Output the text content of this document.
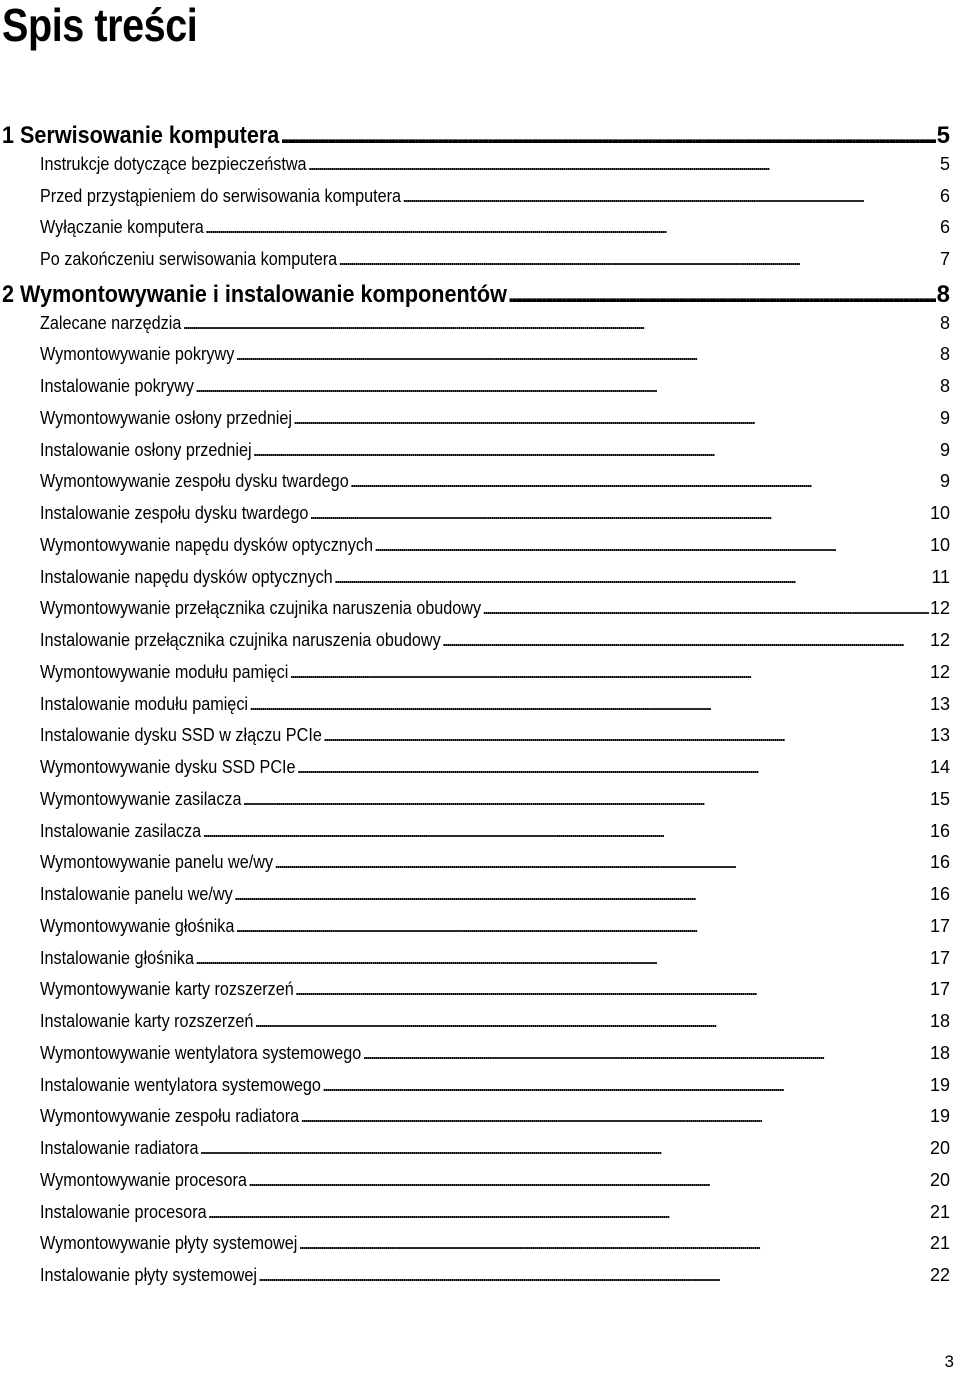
Spis treści
1 Serwisowanie komputera . . .	5
Instrukcje dotyczące bezpieczeństwa . . .	5
Przed przystąpieniem do serwisowania komputera . . .	6
Wyłączanie komputera . . .	6
Po zakończeniu serwisowania komputera . . .	7
2 Wymontowywanie i instalowanie komponentów . . .	8
Zalecane narzędzia . . .	8
Wymontowywanie pokrywy . . .	8
Instalowanie pokrywy . . .	8
Wymontowywanie osłony przedniej . . .	9
Instalowanie osłony przedniej . . .	9
Wymontowywanie zespołu dysku twardego . . .	9
Instalowanie zespołu dysku twardego . . .	10
Wymontowywanie napędu dysków optycznych . . .	10
Instalowanie napędu dysków optycznych . . .	11
Wymontowywanie przełącznika czujnika naruszenia obudowy . . .	12
Instalowanie przełącznika czujnika naruszenia obudowy . . .	12
Wymontowywanie modułu pamięci . . .	12
Instalowanie modułu pamięci . . .	13
Instalowanie dysku SSD w złączu PCIe . . .	13
Wymontowywanie dysku SSD PCIe . . .	14
Wymontowywanie zasilacza . . .	15
Instalowanie zasilacza . . .	16
Wymontowywanie panelu we/wy . . .	16
Instalowanie panelu we/wy . . .	16
Wymontowywanie głośnika . . .	17
Instalowanie głośnika . . .	17
Wymontowywanie karty rozszerzeń . . .	17
Instalowanie karty rozszerzeń . . .	18
Wymontowywanie wentylatora systemowego . . .	18
Instalowanie wentylatora systemowego . . .	19
Wymontowywanie zespołu radiatora . . .	19
Instalowanie radiatora . . .	20
Wymontowywanie procesora . . .	20
Instalowanie procesora . . .	21
Wymontowywanie płyty systemowej . . .	21
Instalowanie płyty systemowej . . .	22

3
